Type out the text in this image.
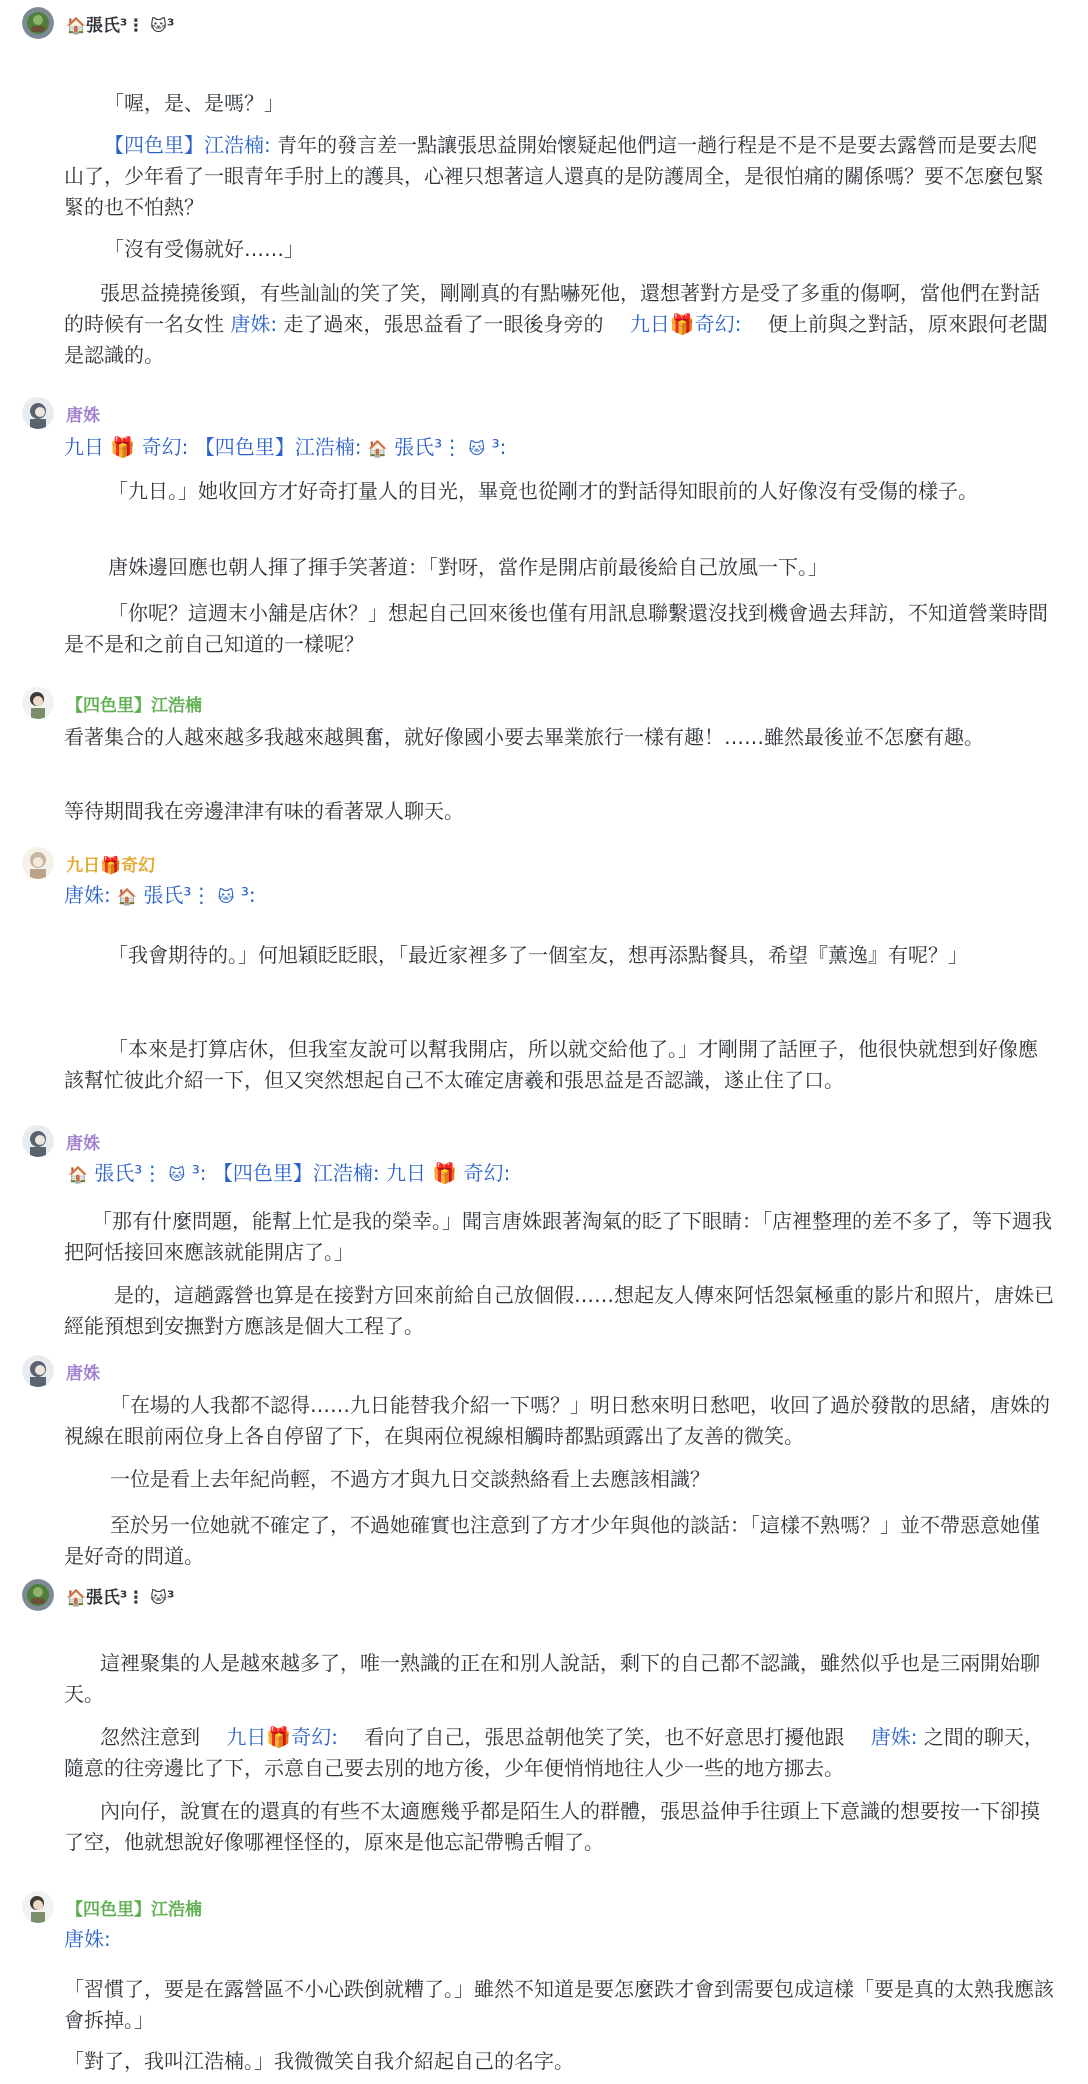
🏠張氏³⋮ 🐱³

「喔，是、是嗎？」

【四色里】江浩楠: 青年的發言差一點讓張思益開始懷疑起他們這一趟行程是不是不是要去露營而是要去爬山了，少年看了一眼青年手肘上的護具，心裡只想著這人還真的是防護周全，是很怕痛的關係嗎？要不怎麼包緊緊的也不怕熱？

「沒有受傷就好……」

張思益撓撓後頸，有些訕訕的笑了笑，剛剛真的有點嚇死他，還想著對方是受了多重的傷啊，當他們在對話的時候有一名女性 唐姝: 走了過來，張思益看了一眼後身旁的　 九日🎁奇幻:　 便上前與之對話，原來跟何老闆是認識的。

唐姝

九日 🎁 奇幻: 【四色里】江浩楠: 🏠 張氏³⋮ 🐱 ³:

「九日。」她收回方才好奇打量人的目光，畢竟也從剛才的對話得知眼前的人好像沒有受傷的樣子。

唐姝邊回應也朝人揮了揮手笑著道：「對呀，當作是開店前最後給自己放風一下。」

「你呢？這週末小舖是店休？」想起自己回來後也僅有用訊息聯繫還沒找到機會過去拜訪，不知道營業時間是不是和之前自己知道的一樣呢？

【四色里】江浩楠

看著集合的人越來越多我越來越興奮，就好像國小要去畢業旅行一樣有趣！……雖然最後並不怎麼有趣。

等待期間我在旁邊津津有味的看著眾人聊天。

九日🎁奇幻

唐姝: 🏠 張氏³⋮ 🐱 ³:

「我會期待的。」何旭穎眨眨眼，「最近家裡多了一個室友，想再添點餐具，希望『薰逸』有呢？」

「本來是打算店休，但我室友說可以幫我開店，所以就交給他了。」才剛開了話匣子，他很快就想到好像應該幫忙彼此介紹一下，但又突然想起自己不太確定唐羲和張思益是否認識，遂止住了口。

唐姝

🏠 張氏³⋮ 🐱 ³: 【四色里】江浩楠: 九日 🎁 奇幻:

「那有什麼問題，能幫上忙是我的榮幸。」聞言唐姝跟著淘氣的眨了下眼睛：「店裡整理的差不多了，等下週我把阿恬接回來應該就能開店了。」

是的，這趟露營也算是在接對方回來前給自己放個假……想起友人傳來阿恬怨氣極重的影片和照片，唐姝已經能預想到安撫對方應該是個大工程了。

唐姝

「在場的人我都不認得……九日能替我介紹一下嗎？」明日愁來明日愁吧，收回了過於發散的思緒，唐姝的視線在眼前兩位身上各自停留了下，在與兩位視線相觸時都點頭露出了友善的微笑。

一位是看上去年紀尚輕，不過方才與九日交談熱絡看上去應該相識？

至於另一位她就不確定了，不過她確實也注意到了方才少年與他的談話：「這樣不熟嗎？」並不帶惡意她僅是好奇的問道。

🏠張氏³⋮ 🐱³

這裡聚集的人是越來越多了，唯一熟識的正在和別人說話，剩下的自己都不認識，雖然似乎也是三兩開始聊天。

忽然注意到　 九日🎁奇幻:　 看向了自己，張思益朝他笑了笑，也不好意思打擾他跟　 唐姝: 之間的聊天，隨意的往旁邊比了下，示意自己要去別的地方後，少年便悄悄地往人少一些的地方挪去。

內向仔，說實在的還真的有些不太適應幾乎都是陌生人的群體，張思益伸手往頭上下意識的想要按一下卻摸了空，他就想說好像哪裡怪怪的，原來是他忘記帶鴨舌帽了。

【四色里】江浩楠

唐姝:

「習慣了，要是在露營區不小心跌倒就糟了。」雖然不知道是要怎麼跌才會到需要包成這樣「要是真的太熟我應該會拆掉。」

「對了，我叫江浩楠。」我微微笑自我介紹起自己的名字。
